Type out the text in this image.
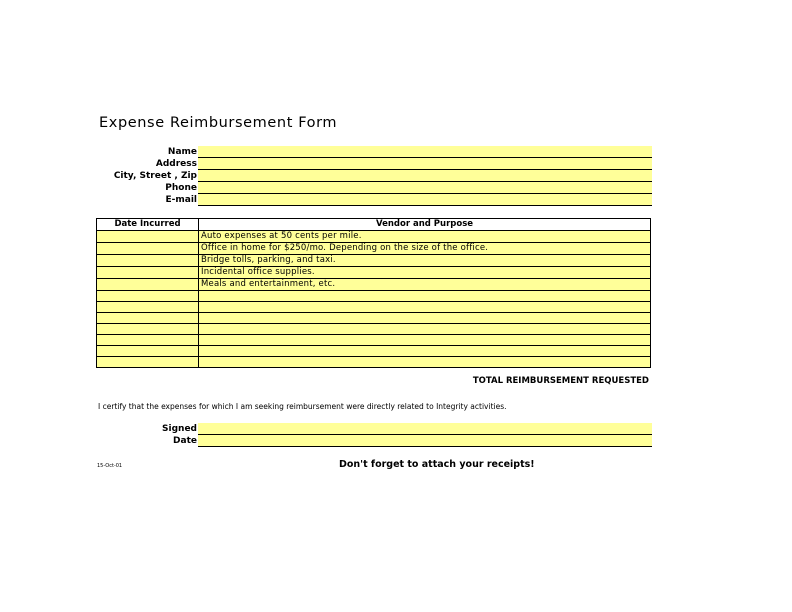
Expense Reimbursement Form
Name
Address
City, Street , Zip
Phone
E-mail
Date Incurred	Vendor and Purpose
	Auto expenses at 50 cents per mile.
	Office in home for $250/mo. Depending on the size of the office.
	Bridge tolls, parking, and taxi.
	Incidental office supplies.
	Meals and entertainment, etc.

TOTAL REIMBURSEMENT REQUESTED
I certify that the expenses for which I am seeking reimbursement were directly related to Integrity activities.
Signed
Date
15-Oct-01	Don't forget to attach your receipts!
